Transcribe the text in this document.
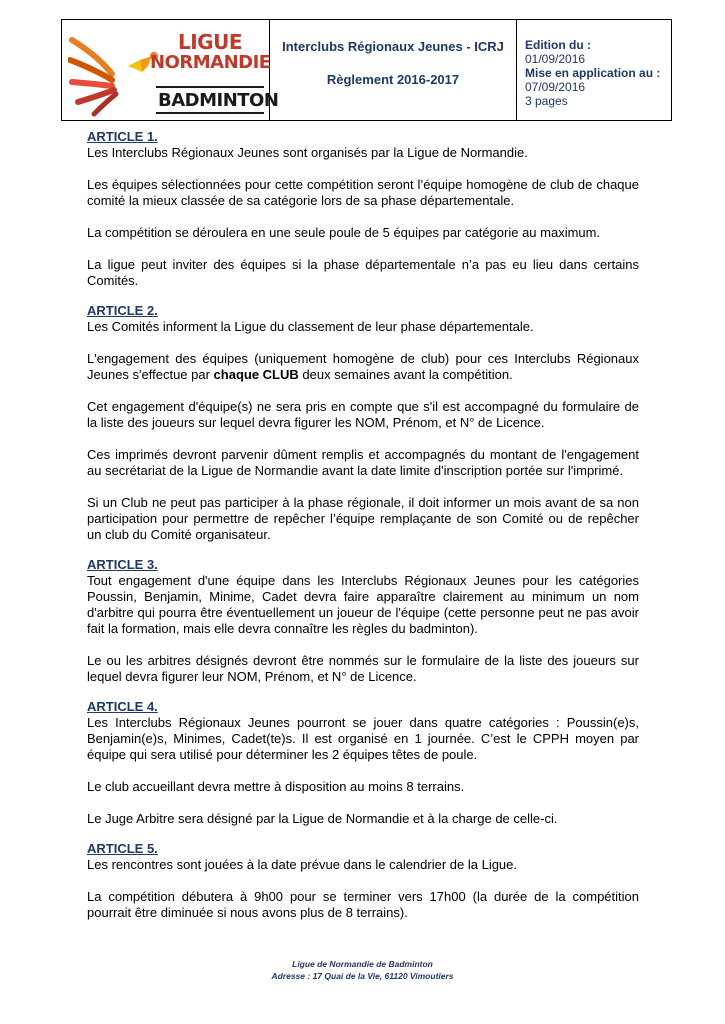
LIGUE
NORMANDIE
BADMINTON
Interclubs Régionaux Jeunes - ICRJ
Règlement 2016-2017
Edition du :
01/09/2016
Mise en application au :
07/09/2016
3 pages
ARTICLE 1.
Les Interclubs Régionaux Jeunes sont organisés par la Ligue de Normandie.
Les équipes sélectionnées pour cette compétition seront l’équipe homogène de club de chaque comité la mieux classée de sa catégorie lors de sa phase départementale.
La compétition se déroulera en une seule poule de 5 équipes par catégorie au maximum.
La ligue peut inviter des équipes si la phase départementale n’a pas eu lieu dans certains Comités.
ARTICLE 2.
Les Comités informent la Ligue du classement de leur phase départementale.
L'engagement des équipes (uniquement homogène de club) pour ces Interclubs Régionaux Jeunes s'effectue par chaque CLUB deux semaines avant la compétition.
Cet engagement d'équipe(s) ne sera pris en compte que s'il est accompagné du formulaire de la liste des joueurs sur lequel devra figurer les NOM, Prénom, et N° de Licence.
Ces imprimés devront parvenir dûment remplis et accompagnés du montant de l'engagement au secrétariat de la Ligue de Normandie avant la date limite d'inscription portée sur l'imprimé.
Si un Club ne peut pas participer à la phase régionale, il doit informer un mois avant de sa non participation pour permettre de repêcher l’équipe remplaçante de son Comité ou de repêcher un club du Comité organisateur.
ARTICLE 3.
Tout engagement d'une équipe dans les Interclubs Régionaux Jeunes pour les catégories Poussin, Benjamin, Minime, Cadet devra faire apparaître clairement au minimum un nom d'arbitre qui pourra être éventuellement un joueur de l'équipe (cette personne peut ne pas avoir fait la formation, mais elle devra connaître les règles du badminton).
Le ou les arbitres désignés devront être nommés sur le formulaire de la liste des joueurs sur lequel devra figurer leur NOM, Prénom, et N° de Licence.
ARTICLE 4.
Les Interclubs Régionaux Jeunes pourront se jouer dans quatre catégories : Poussin(e)s, Benjamin(e)s, Minimes, Cadet(te)s. Il est organisé en 1 journée. C’est le CPPH moyen par équipe qui sera utilisé pour déterminer les 2 équipes têtes de poule.
Le club accueillant devra mettre à disposition au moins 8 terrains.
Le Juge Arbitre sera désigné par la Ligue de Normandie et à la charge de celle-ci.
ARTICLE 5.
Les rencontres sont jouées à la date prévue dans le calendrier de la Ligue.
La compétition débutera à 9h00 pour se terminer vers 17h00 (la durée de la compétition pourrait être diminuée si nous avons plus de 8 terrains).
Ligue de Normandie de Badminton
Adresse : 17 Quai de la Vie, 61120 Vimoutiers
